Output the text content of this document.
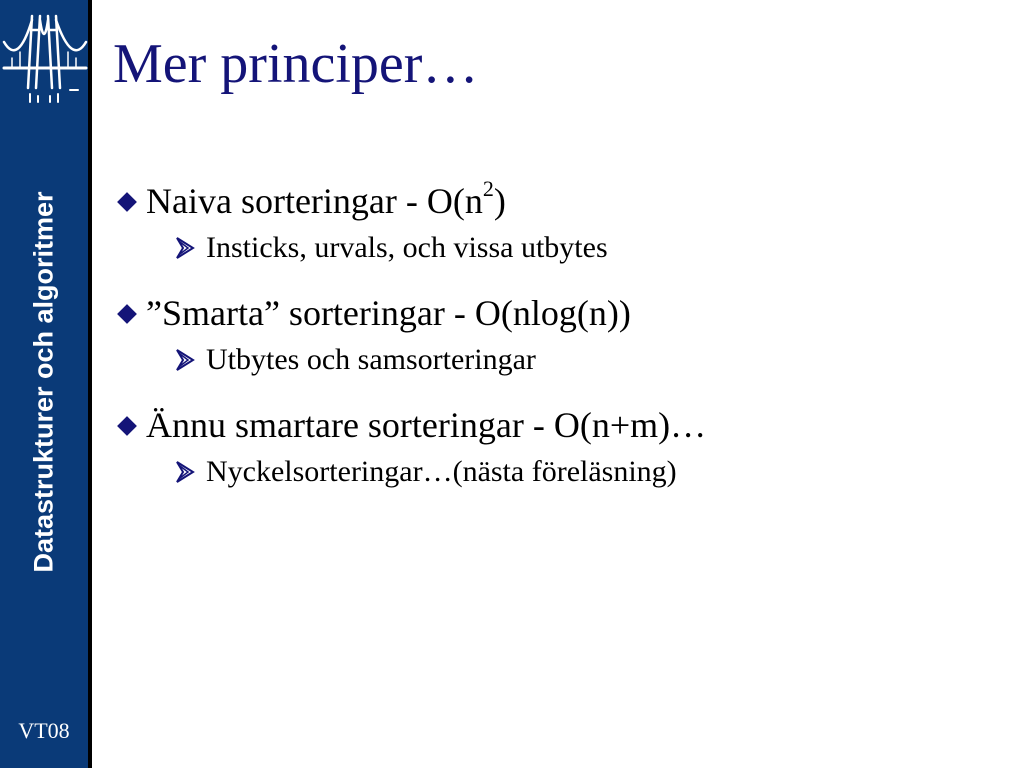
Datastrukturer och algoritmer
VT08
Mer principer…
Naiva sorteringar - $O(n^2)$
Insticks, urvals, och vissa utbytes
”Smarta” sorteringar - O(nlog(n))
Utbytes och samsorteringar
Ännu smartare sorteringar - O(n+m)…
Nyckelsorteringar…(nästa föreläsning)
